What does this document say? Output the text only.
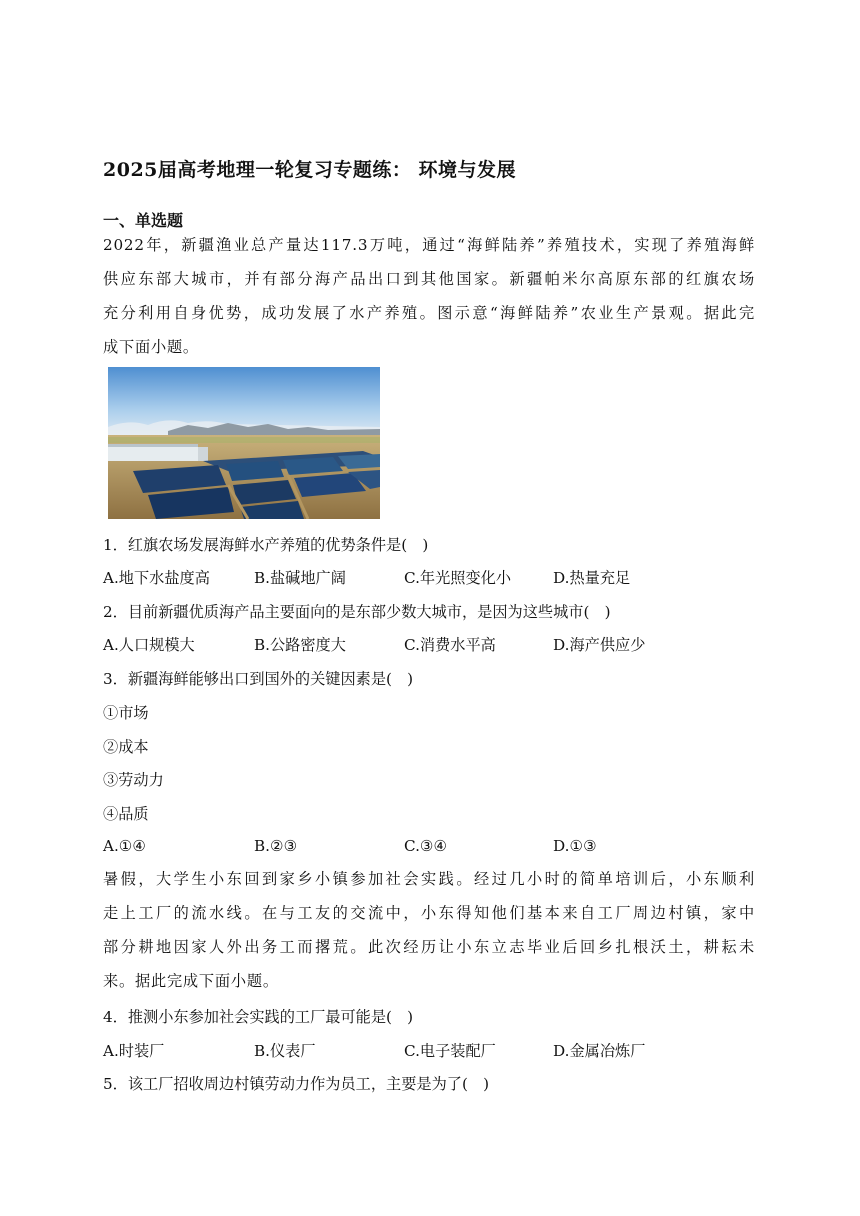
2025届高考地理一轮复习专题练： 环境与发展
一、单选题
2022年，新疆渔业总产量达117.3万吨，通过“海鲜陆养”养殖技术，实现了养殖海鲜
供应东部大城市，并有部分海产品出口到其他国家。新疆帕米尔高原东部的红旗农场
充分利用自身优势，成功发展了水产养殖。图示意“海鲜陆养”农业生产景观。据此完
成下面小题。
1．红旗农场发展海鲜水产养殖的优势条件是(　)
A.地下水盐度高	B.盐碱地广阔	C.年光照变化小	D.热量充足
2．目前新疆优质海产品主要面向的是东部少数大城市，是因为这些城市(　)
A.人口规模大	B.公路密度大	C.消费水平高	D.海产供应少
3．新疆海鲜能够出口到国外的关键因素是(　)
①市场
②成本
③劳动力
④品质
A.①④	B.②③	C.③④	D.①③
暑假，大学生小东回到家乡小镇参加社会实践。经过几小时的简单培训后，小东顺利
走上工厂的流水线。在与工友的交流中，小东得知他们基本来自工厂周边村镇，家中
部分耕地因家人外出务工而撂荒。此次经历让小东立志毕业后回乡扎根沃土，耕耘未
来。据此完成下面小题。
4．推测小东参加社会实践的工厂最可能是(　)
A.时装厂	B.仪表厂	C.电子装配厂	D.金属冶炼厂
5．该工厂招收周边村镇劳动力作为员工，主要是为了(　)
